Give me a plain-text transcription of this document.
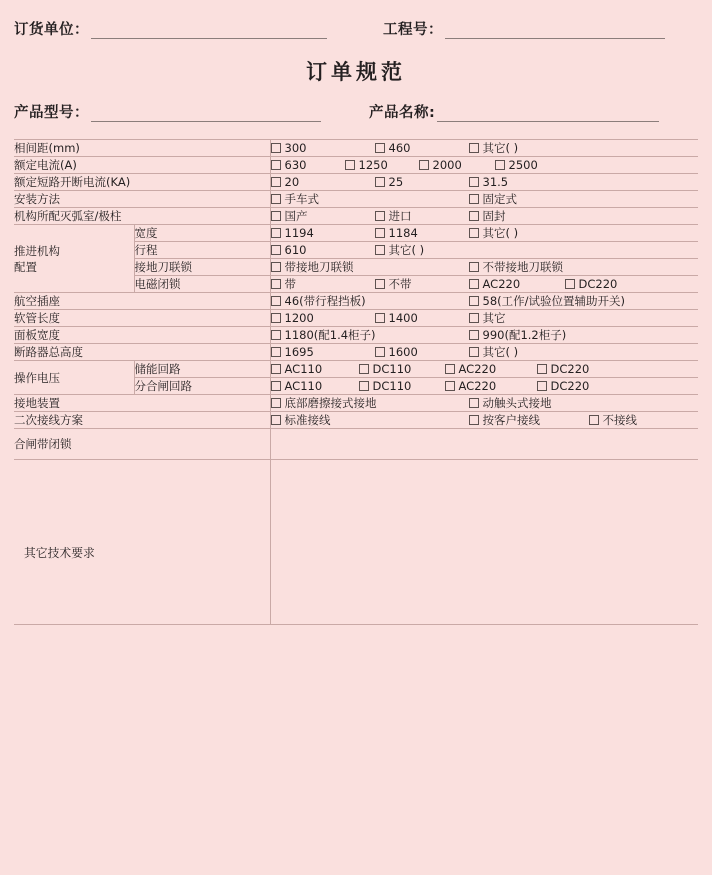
订货单位：	工程号：
订单规范
产品型号：	产品名称:
相间距(mm)		300 460 其它( )

额定电流(A)		630 1250 2000 2500

额定短路开断电流(KA)		20 25 31.5

安装方法		手车式 固定式

机构所配灭弧室/极柱		国产 进口 固封

推进机构
配置
	宽度	1194	1184	其它( )

	行程	610 其它( )

	接地刀联锁	带接地刀联锁 不带接地刀联锁

	电磁闭锁	带 不带 AC220 DC220

航空插座		46(带行程挡板) 58(工作/试验位置辅助开关)

软管长度		1200 1400 其它

面板宽度		1180(配1.4柜子) 990(配1.2柜子)

断路器总高度		1695 1600 其它( )

操作电压	储能回路	AC110 DC110 AC220 DC220

	分合闸回路	AC110 DC110 AC220 DC220

接地装置		底部磨擦接式接地 动触头式接地

二次接线方案		标准接线 按客户接线 不接线

合闸带闭锁		
其它技术要求		
